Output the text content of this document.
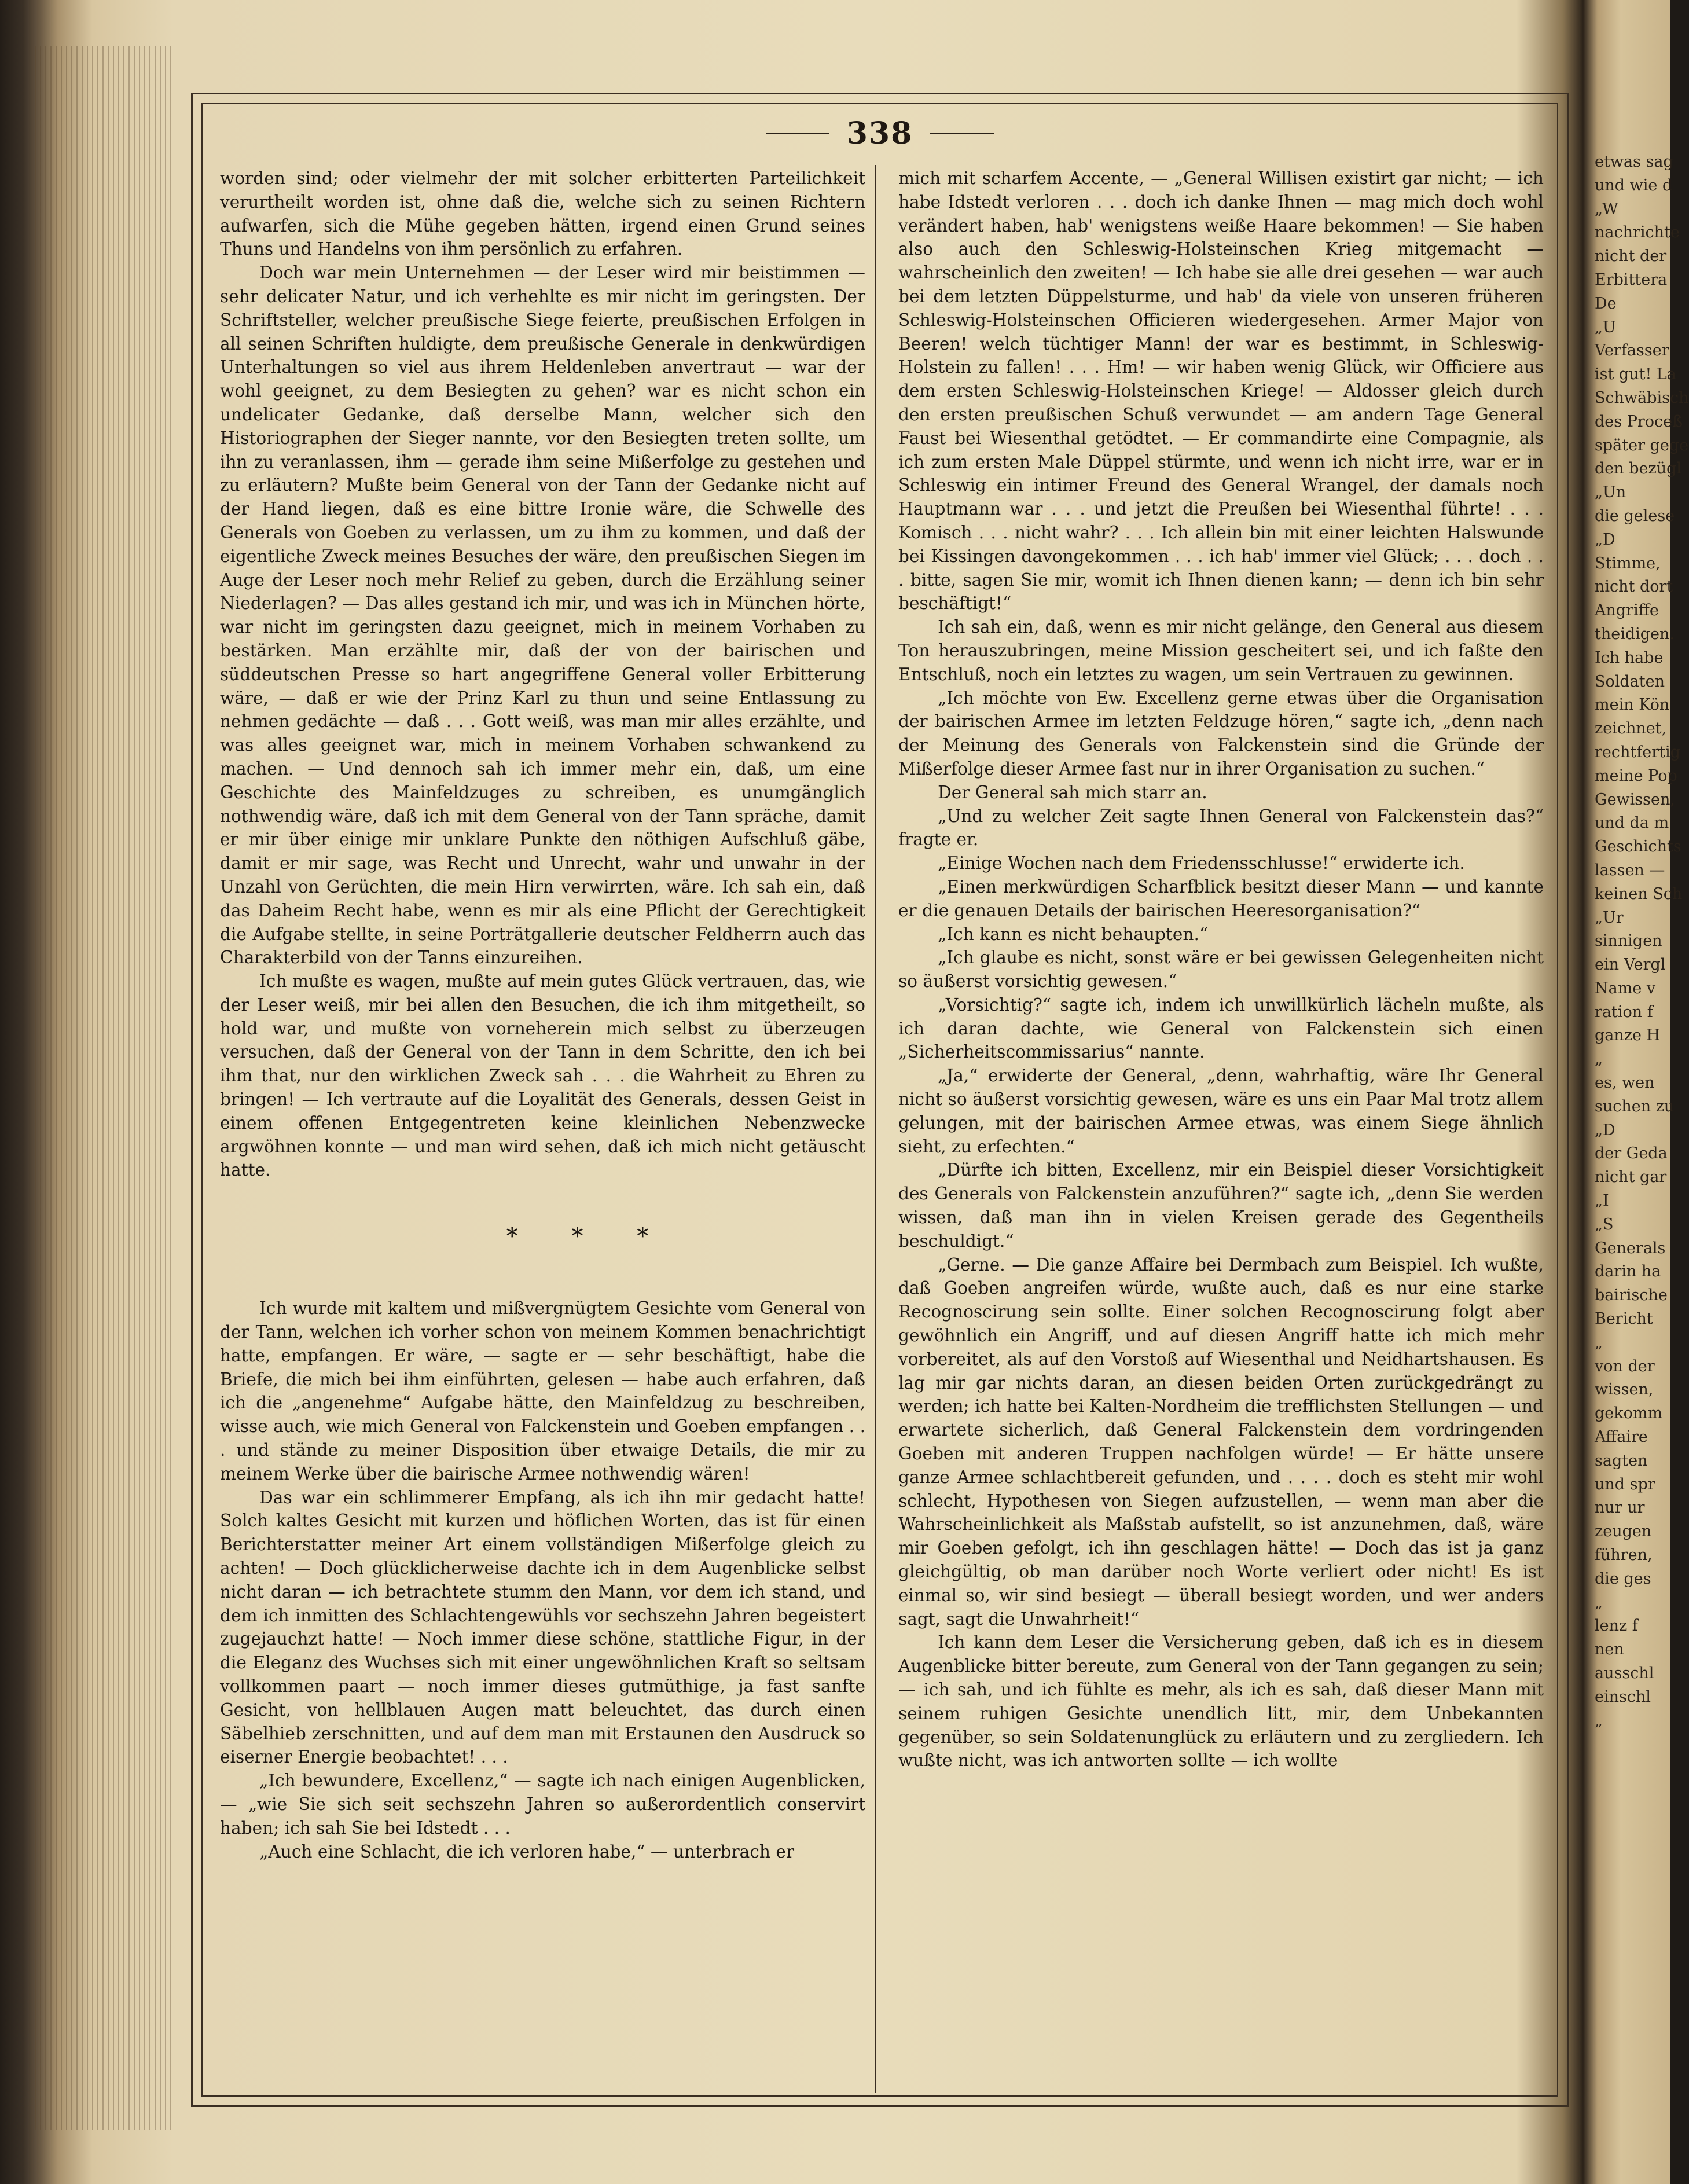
338

worden sind; oder vielmehr der mit solcher erbitterten Parteilichkeit verurtheilt worden ist, ohne daß die, welche sich zu seinen Richtern aufwarfen, sich die Mühe gegeben hätten, irgend einen Grund seines Thuns und Handelns von ihm persönlich zu erfahren.

Doch war mein Unternehmen — der Leser wird mir beistimmen — sehr delicater Natur, und ich verhehlte es mir nicht im geringsten. Der Schriftsteller, welcher preußische Siege feierte, preußischen Erfolgen in all seinen Schriften huldigte, dem preußische Generale in denkwürdigen Unterhaltungen so viel aus ihrem Heldenleben anvertraut — war der wohl geeignet, zu dem Besiegten zu gehen? war es nicht schon ein undelicater Gedanke, daß derselbe Mann, welcher sich den Historiographen der Sieger nannte, vor den Besiegten treten sollte, um ihn zu veranlassen, ihm — gerade ihm seine Mißerfolge zu gestehen und zu erläutern? Mußte beim General von der Tann der Gedanke nicht auf der Hand liegen, daß es eine bittre Ironie wäre, die Schwelle des Generals von Goeben zu verlassen, um zu ihm zu kommen, und daß der eigentliche Zweck meines Besuches der wäre, den preußischen Siegen im Auge der Leser noch mehr Relief zu geben, durch die Erzählung seiner Niederlagen? — Das alles gestand ich mir, und was ich in München hörte, war nicht im geringsten dazu geeignet, mich in meinem Vorhaben zu bestärken. Man erzählte mir, daß der von der bairischen und süddeutschen Presse so hart angegriffene General voller Erbitterung wäre, — daß er wie der Prinz Karl zu thun und seine Entlassung zu nehmen gedächte — daß . . . Gott weiß, was man mir alles erzählte, und was alles geeignet war, mich in meinem Vorhaben schwankend zu machen. — Und dennoch sah ich immer mehr ein, daß, um eine Geschichte des Mainfeldzuges zu schreiben, es unumgänglich nothwendig wäre, daß ich mit dem General von der Tann spräche, damit er mir über einige mir unklare Punkte den nöthigen Aufschluß gäbe, damit er mir sage, was Recht und Unrecht, wahr und unwahr in der Unzahl von Gerüchten, die mein Hirn verwirrten, wäre. Ich sah ein, daß das Daheim Recht habe, wenn es mir als eine Pflicht der Gerechtigkeit die Aufgabe stellte, in seine Porträtgallerie deutscher Feldherrn auch das Charakterbild von der Tanns einzureihen.

Ich mußte es wagen, mußte auf mein gutes Glück vertrauen, das, wie der Leser weiß, mir bei allen den Besuchen, die ich ihm mitgetheilt, so hold war, und mußte von vorneherein mich selbst zu überzeugen versuchen, daß der General von der Tann in dem Schritte, den ich bei ihm that, nur den wirklichen Zweck sah . . . die Wahrheit zu Ehren zu bringen! — Ich vertraute auf die Loyalität des Generals, dessen Geist in einem offenen Entgegentreten keine kleinlichen Nebenzwecke argwöhnen konnte — und man wird sehen, daß ich mich nicht getäuscht hatte.

* * *

Ich wurde mit kaltem und mißvergnügtem Gesichte vom General von der Tann, welchen ich vorher schon von meinem Kommen benachrichtigt hatte, empfangen. Er wäre, — sagte er — sehr beschäftigt, habe die Briefe, die mich bei ihm einführten, gelesen — habe auch erfahren, daß ich die „angenehme“ Aufgabe hätte, den Mainfeldzug zu beschreiben, wisse auch, wie mich General von Falckenstein und Goeben empfangen . . . und stände zu meiner Disposition über etwaige Details, die mir zu meinem Werke über die bairische Armee nothwendig wären!

Das war ein schlimmerer Empfang, als ich ihn mir gedacht hatte! Solch kaltes Gesicht mit kurzen und höflichen Worten, das ist für einen Berichterstatter meiner Art einem vollständigen Mißerfolge gleich zu achten! — Doch glücklicherweise dachte ich in dem Augenblicke selbst nicht daran — ich betrachtete stumm den Mann, vor dem ich stand, und dem ich inmitten des Schlachtengewühls vor sechszehn Jahren begeistert zugejauchzt hatte! — Noch immer diese schöne, stattliche Figur, in der die Eleganz des Wuchses sich mit einer ungewöhnlichen Kraft so seltsam vollkommen paart — noch immer dieses gutmüthige, ja fast sanfte Gesicht, von hellblauen Augen matt beleuchtet, das durch einen Säbelhieb zerschnitten, und auf dem man mit Erstaunen den Ausdruck so eiserner Energie beobachtet! . . .

„Ich bewundere, Excellenz,“ — sagte ich nach einigen Augenblicken, — „wie Sie sich seit sechszehn Jahren so außerordentlich conservirt haben; ich sah Sie bei Idstedt . . .

„Auch eine Schlacht, die ich verloren habe,“ — unterbrach er

mich mit scharfem Accente, — „General Willisen existirt gar nicht; — ich habe Idstedt verloren . . . doch ich danke Ihnen — mag mich doch wohl verändert haben, hab' wenigstens weiße Haare bekommen! — Sie haben also auch den Schleswig-Holsteinschen Krieg mitgemacht — wahrscheinlich den zweiten! — Ich habe sie alle drei gesehen — war auch bei dem letzten Düppelsturme, und hab' da viele von unseren früheren Schleswig-Holsteinschen Officieren wiedergesehen. Armer Major von Beeren! welch tüchtiger Mann! der war es bestimmt, in Schleswig-Holstein zu fallen! . . . Hm! — wir haben wenig Glück, wir Officiere aus dem ersten Schleswig-Holsteinschen Kriege! — Aldosser gleich durch den ersten preußischen Schuß verwundet — am andern Tage General Faust bei Wiesenthal getödtet. — Er commandirte eine Compagnie, als ich zum ersten Male Düppel stürmte, und wenn ich nicht irre, war er in Schleswig ein intimer Freund des General Wrangel, der damals noch Hauptmann war . . . und jetzt die Preußen bei Wiesenthal führte! . . . Komisch . . . nicht wahr? . . . Ich allein bin mit einer leichten Halswunde bei Kissingen davongekommen . . . ich hab' immer viel Glück; . . . doch . . . bitte, sagen Sie mir, womit ich Ihnen dienen kann; — denn ich bin sehr beschäftigt!“

Ich sah ein, daß, wenn es mir nicht gelänge, den General aus diesem Ton herauszubringen, meine Mission gescheitert sei, und ich faßte den Entschluß, noch ein letztes zu wagen, um sein Vertrauen zu gewinnen.

„Ich möchte von Ew. Excellenz gerne etwas über die Organisation der bairischen Armee im letzten Feldzuge hören,“ sagte ich, „denn nach der Meinung des Generals von Falckenstein sind die Gründe der Mißerfolge dieser Armee fast nur in ihrer Organisation zu suchen.“

Der General sah mich starr an.

„Und zu welcher Zeit sagte Ihnen General von Falckenstein das?“ fragte er.

„Einige Wochen nach dem Friedensschlusse!“ erwiderte ich.

„Einen merkwürdigen Scharfblick besitzt dieser Mann — und kannte er die genauen Details der bairischen Heeresorganisation?“

„Ich kann es nicht behaupten.“

„Ich glaube es nicht, sonst wäre er bei gewissen Gelegenheiten nicht so äußerst vorsichtig gewesen.“

„Vorsichtig?“ sagte ich, indem ich unwillkürlich lächeln mußte, als ich daran dachte, wie General von Falckenstein sich einen „Sicherheitscommissarius“ nannte.

„Ja,“ erwiderte der General, „denn, wahrhaftig, wäre Ihr General nicht so äußerst vorsichtig gewesen, wäre es uns ein Paar Mal trotz allem gelungen, mit der bairischen Armee etwas, was einem Siege ähnlich sieht, zu erfechten.“

„Dürfte ich bitten, Excellenz, mir ein Beispiel dieser Vorsichtigkeit des Generals von Falckenstein anzuführen?“ sagte ich, „denn Sie werden wissen, daß man ihn in vielen Kreisen gerade des Gegentheils beschuldigt.“

„Gerne. — Die ganze Affaire bei Dermbach zum Beispiel. Ich wußte, daß Goeben angreifen würde, wußte auch, daß es nur eine starke Recognoscirung sein sollte. Einer solchen Recognoscirung folgt aber gewöhnlich ein Angriff, und auf diesen Angriff hatte ich mich mehr vorbereitet, als auf den Vorstoß auf Wiesenthal und Neidhartshausen. Es lag mir gar nichts daran, an diesen beiden Orten zurückgedrängt zu werden; ich hatte bei Kalten-Nordheim die trefflichsten Stellungen — und erwartete sicherlich, daß General Falckenstein dem vordringenden Goeben mit anderen Truppen nachfolgen würde! — Er hätte unsere ganze Armee schlachtbereit gefunden, und . . . . doch es steht mir wohl schlecht, Hypothesen von Siegen aufzustellen, — wenn man aber die Wahrscheinlichkeit als Maßstab aufstellt, so ist anzunehmen, daß, wäre mir Goeben gefolgt, ich ihn geschlagen hätte! — Doch das ist ja ganz gleichgültig, ob man darüber noch Worte verliert oder nicht! Es ist einmal so, wir sind besiegt — überall besiegt worden, und wer anders sagt, sagt die Unwahrheit!“

Ich kann dem Leser die Versicherung geben, daß ich es in diesem Augenblicke bitter bereute, zum General von der Tann gegangen zu sein; — ich sah, und ich fühlte es mehr, als ich es sah, daß dieser Mann mit seinem ruhigen Gesichte unendlich litt, mir, dem Unbekannten gegenüber, so sein Soldatenunglück zu erläutern und zu zergliedern. Ich wußte nicht, was ich antworten sollte — ich wollte

etwas sag
und wie d
„W
nachrichte
nicht der
Erbittera
De
„U
Verfasser
ist gut! La
Schwäbisch
des Proceß
später gege
den bezügl
„Un
die gelese
„D
Stimme,
nicht dort
Angriffe
theidigen.
Ich habe
Soldaten
mein Kön
zeichnet,
rechtfertig
meine Pop
Gewissen,
und da m
Geschichts
lassen —
keinen Sch
„Ur
sinnigen
ein Vergl
Name v
ration f
ganze H
„
es, wen
suchen zu
„D
der Geda
nicht gar
„I
„S
Generals
darin ha
bairische
Bericht
„
von der
wissen,
gekomm
Affaire
sagten
und spr
nur ur
zeugen
führen,
die ges
„
lenz f
nen
ausschl
einschl
„
